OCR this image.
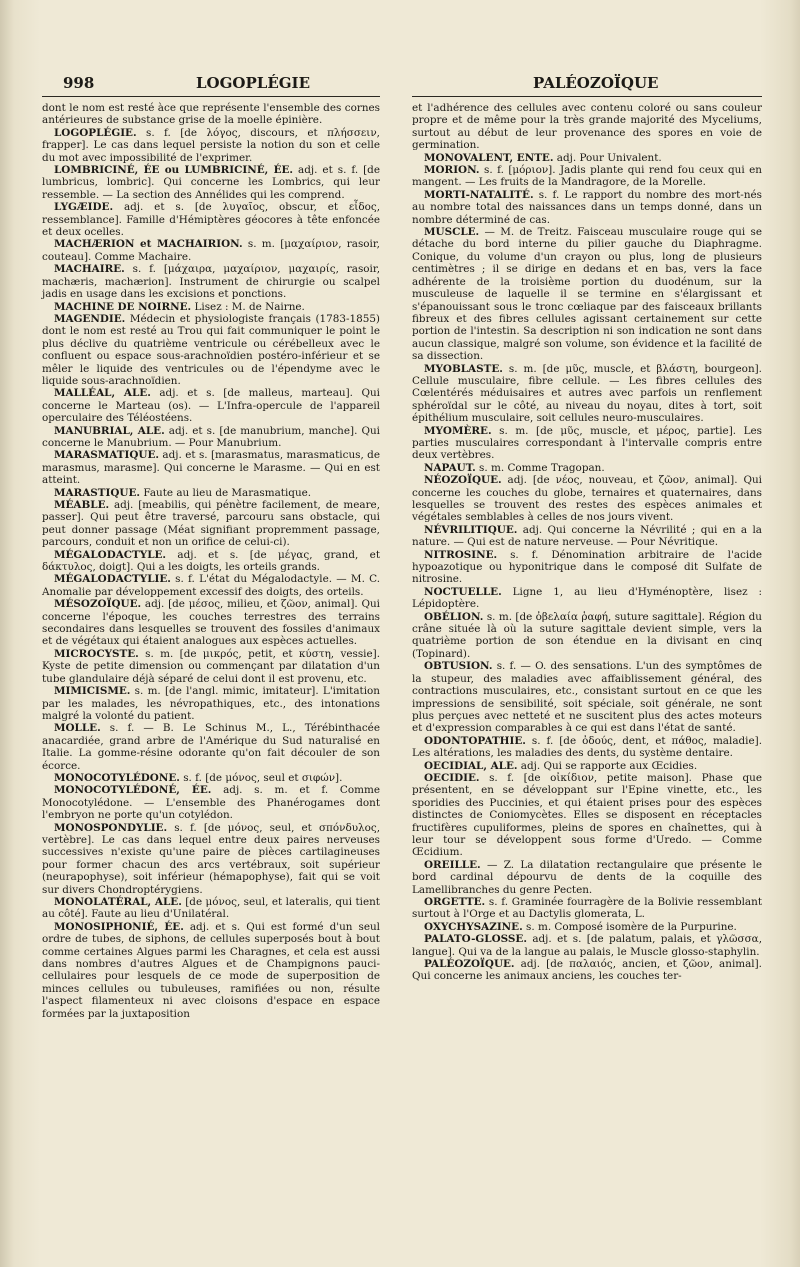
998	LOGOPLÉGIE	PALÉOZOÏQUE

dont le nom est resté àce que représente l'ensemble des cornes antérieures de substance grise de la moelle épinière.

LOGOPLÉGIE. s. f. [de λόγος, discours, et πλήσσειν, frapper]. Le cas dans lequel persiste la notion du son et celle du mot avec impossibilité de l'exprimer.

LOMBRICINÉ, ÉE ou LUMBRICINÉ, ÉE. adj. et s. f. [de lumbricus, lombric]. Qui concerne les Lombrics, qui leur ressemble. — La section des Annélides qui les comprend.

LYGÆIDE. adj. et s. [de λυγαῖος, obscur, et εἶδος, ressemblance]. Famille d'Hémiptères géocores à tête enfoncée et deux ocelles.

MACHÆRION et MACHAIRION. s. m. [μαχαίριον, rasoir, couteau]. Comme Machaire.

MACHAIRE. s. f. [μάχαιρα, μαχαίριον, μαχαιρίς, rasoir, machæris, machærion]. Instrument de chirurgie ou scalpel jadis en usage dans les excisions et ponctions.

MACHINE DE NOIRNE. Lisez : M. de Nairne.

MAGENDIE. Médecin et physiologiste français (1783-1855) dont le nom est resté au Trou qui fait communiquer le point le plus déclive du quatrième ventricule ou cérébelleux avec le confluent ou espace sous-arachnoïdien postéro-inférieur et se mêler le liquide des ventricules ou de l'épendyme avec le liquide sous-arachnoïdien.

MALLÉAL, ALE. adj. et s. [de malleus, marteau]. Qui concerne le Marteau (os). — L'Infra-opercule de l'appareil operculaire des Téléostéens.

MANUBRIAL, ALE. adj. et s. [de manubrium, manche]. Qui concerne le Manubrium. — Pour Manubrium.

MARASMATIQUE. adj. et s. [marasmatus, marasmaticus, de marasmus, marasme]. Qui concerne le Marasme. — Qui en est atteint.

MARASTIQUE. Faute au lieu de Marasmatique.

MÉABLE. adj. [meabilis, qui pénètre facilement, de meare, passer]. Qui peut être traversé, parcouru sans obstacle, qui peut donner passage (Méat signifiant propremment passage, parcours, conduit et non un orifice de celui-ci).

MÉGALODACTYLE. adj. et s. [de μέγας, grand, et δάκτυλος, doigt]. Qui a les doigts, les orteils grands.

MÉGALODACTYLIE. s. f. L'état du Mégalodactyle. — M. C. Anomalie par développement excessif des doigts, des orteils.

MÉSOZOÏQUE. adj. [de μέσος, milieu, et ζῶον, animal]. Qui concerne l'époque, les couches terrestres des terrains secondaires dans lesquelles se trouvent des fossiles d'animaux et de végétaux qui étaient analogues aux espèces actuelles.

MICROCYSTE. s. m. [de μικρός, petit, et κύστη, vessie]. Kyste de petite dimension ou commençant par dilatation d'un tube glandulaire déjà séparé de celui dont il est provenu, etc.

MIMICISME. s. m. [de l'angl. mimic, imitateur]. L'imitation par les malades, les névropathiques, etc., des intonations malgré la volonté du patient.

MOLLE. s. f. — B. Le Schinus M., L., Térébinthacée anacardiée, grand arbre de l'Amérique du Sud naturalisé en Italie. La gomme-résine odorante qu'on fait découler de son écorce.

MONOCOTYLÉDONE. s. f. [de μόνος, seul et σιφών].

MONOCOTYLÉDONÉ, ÉE. adj. s. m. et f. Comme Monocotylédone. — L'ensemble des Phanérogames dont l'embryon ne porte qu'un cotylédon.

MONOSPONDYLIE. s. f. [de μόνος, seul, et σπόνδυλος, vertèbre]. Le cas dans lequel entre deux paires nerveuses successives n'existe qu'une paire de pièces cartilagineuses pour former chacun des arcs vertébraux, soit supérieur (neurapophyse), soit inférieur (hémapophyse), fait qui se voit sur divers Chondroptérygiens.

MONOLATÉRAL, ALE. [de μόνος, seul, et lateralis, qui tient au côté]. Faute au lieu d'Unilatéral.

MONOSIPHONIÉ, ÉE. adj. et s. Qui est formé d'un seul ordre de tubes, de siphons, de cellules superposés bout à bout comme certaines Algues parmi les Charagnes, et cela est aussi dans nombres d'autres Algues et de Champignons pauci-cellulaires pour lesquels de ce mode de superposition de minces cellules ou tubuleuses, ramifiées ou non, résulte l'aspect filamenteux ni avec cloisons d'espace en espace formées par la juxtaposition

et l'adhérence des cellules avec contenu coloré ou sans couleur propre et de même pour la très grande majorité des Myceliums, surtout au début de leur provenance des spores en voie de germination.

MONOVALENT, ENTE. adj. Pour Univalent.

MORION. s. f. [μόριον]. Jadis plante qui rend fou ceux qui en mangent. — Les fruits de la Mandragore, de la Morelle.

MORTI-NATALITÉ. s. f. Le rapport du nombre des mort-nés au nombre total des naissances dans un temps donné, dans un nombre déterminé de cas.

MUSCLE. — M. de Treitz. Faisceau musculaire rouge qui se détache du bord interne du pilier gauche du Diaphragme. Conique, du volume d'un crayon ou plus, long de plusieurs centimètres ; il se dirige en dedans et en bas, vers la face adhérente de la troisième portion du duodénum, sur la musculeuse de laquelle il se termine en s'élargissant et s'épanouissant sous le tronc cœliaque par des faisceaux brillants fibreux et des fibres cellules agissant certainement sur cette portion de l'intestin. Sa description ni son indication ne sont dans aucun classique, malgré son volume, son évidence et la facilité de sa dissection.

MYOBLASTE. s. m. [de μῦς, muscle, et βλάστη, bourgeon]. Cellule musculaire, fibre cellule. — Les fibres cellules des Cœlentérés méduisaires et autres avec parfois un renflement sphéroïdal sur le côté, au niveau du noyau, dites à tort, soit épithélium musculaire, soit cellules neuro-musculaires.

MYOMÈRE. s. m. [de μῦς, muscle, et μέρος, partie]. Les parties musculaires correspondant à l'intervalle compris entre deux vertèbres.

NAPAUT. s. m. Comme Tragopan.

NÉOZOÏQUE. adj. [de νέος, nouveau, et ζῶον, animal]. Qui concerne les couches du globe, ternaires et quaternaires, dans lesquelles se trouvent des restes des espèces animales et végétales semblables à celles de nos jours vivent.

NÉVRILITIQUE. adj. Qui concerne la Névrilité ; qui en a la nature. — Qui est de nature nerveuse. — Pour Névritique.

NITROSINE. s. f. Dénomination arbitraire de l'acide hypoazotique ou hyponitrique dans le composé dit Sulfate de nitrosine.

NOCTUELLE. Ligne 1, au lieu d'Hyménoptère, lisez : Lépidoptère.

OBÉLION. s. m. [de ὀβελαία ῥαφή, suture sagittale]. Région du crâne située là où la suture sagittale devient simple, vers la quatrième portion de son étendue en la divisant en cinq (Topinard).

OBTUSION. s. f. — O. des sensations. L'un des symptômes de la stupeur, des maladies avec affaiblissement général, des contractions musculaires, etc., consistant surtout en ce que les impressions de sensibilité, soit spéciale, soit générale, ne sont plus perçues avec netteté et ne suscitent plus des actes moteurs et d'expression comparables à ce qui est dans l'état de santé.

ODONTOPATHIE. s. f. [de ὀδούς, dent, et πάθος, maladie]. Les altérations, les maladies des dents, du système dentaire.

OECIDIAL, ALE. adj. Qui se rapporte aux Œcidies.

OECIDIE. s. f. [de οἰκίδιον, petite maison]. Phase que présentent, en se développant sur l'Epine vinette, etc., les sporidies des Puccinies, et qui étaient prises pour des espèces distinctes de Coniomycètes. Elles se disposent en réceptacles fructifères cupuliformes, pleins de spores en chaînettes, qui à leur tour se développent sous forme d'Uredo. — Comme Œcidium.

OREILLE. — Z. La dilatation rectangulaire que présente le bord cardinal dépourvu de dents de la coquille des Lamellibranches du genre Pecten.

ORGETTE. s. f. Graminée fourragère de la Bolivie ressemblant surtout à l'Orge et au Dactylis glomerata, L.

OXYCHYSAZINE. s. m. Composé isomère de la Purpurine.

PALATO-GLOSSE. adj. et s. [de palatum, palais, et γλῶσσα, langue]. Qui va de la langue au palais, le Muscle glosso-staphylin.

PALÉOZOÏQUE. adj. [de παλαιός, ancien, et ζῶον, animal]. Qui concerne les animaux anciens, les couches ter-
